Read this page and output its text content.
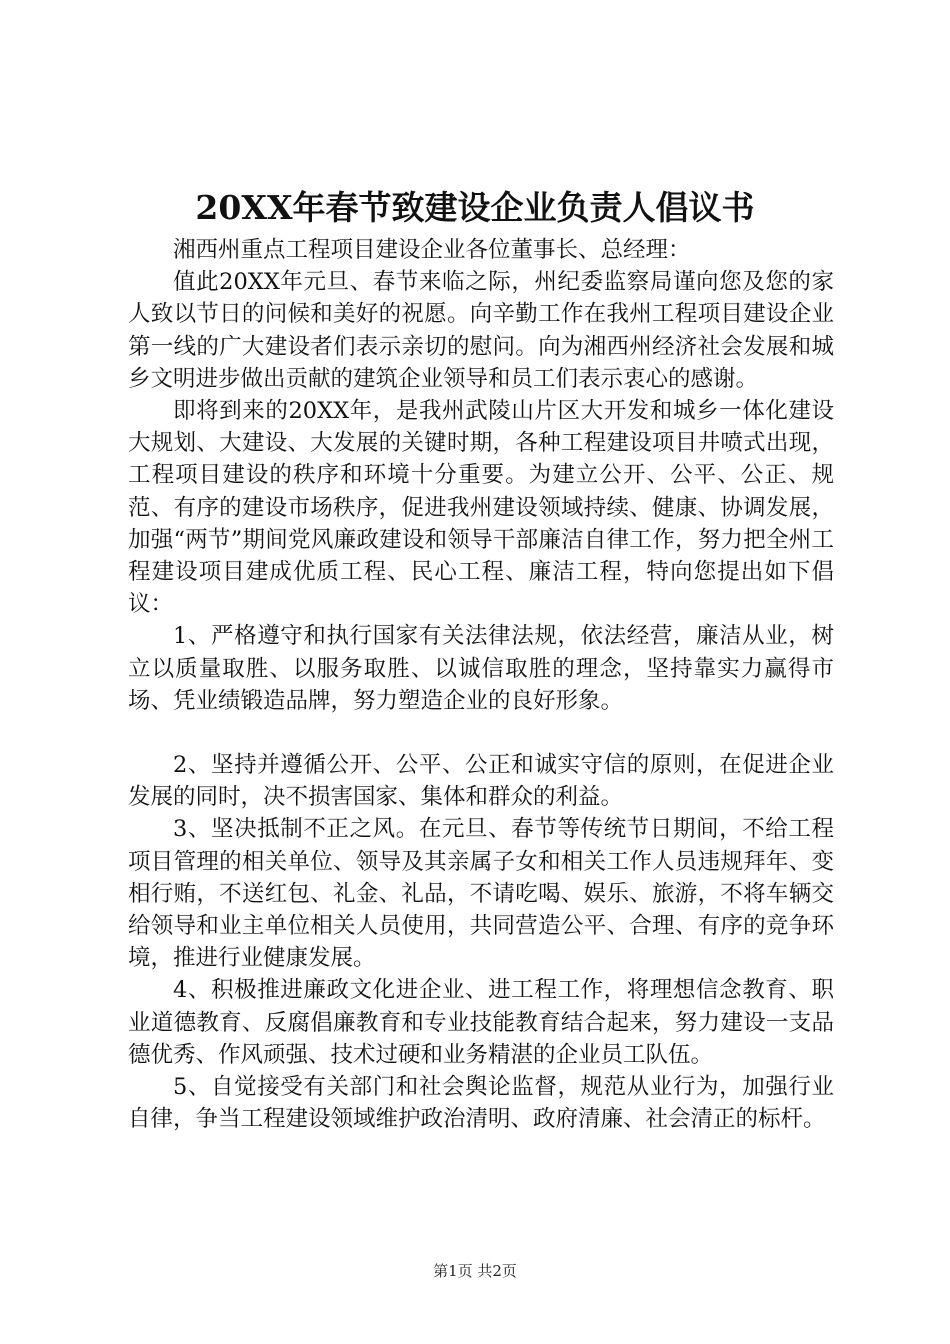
20XX年春节致建设企业负责人倡议书

湘西州重点工程项目建设企业各位董事长、总经理：

值此20XX年元旦、春节来临之际，州纪委监察局谨向您及您的家人致以节日的问候和美好的祝愿。向辛勤工作在我州工程项目建设企业第一线的广大建设者们表示亲切的慰问。向为湘西州经济社会发展和城乡文明进步做出贡献的建筑企业领导和员工们表示衷心的感谢。

即将到来的20XX年，是我州武陵山片区大开发和城乡一体化建设大规划、大建设、大发展的关键时期，各种工程建设项目井喷式出现，工程项目建设的秩序和环境十分重要。为建立公开、公平、公正、规范、有序的建设市场秩序，促进我州建设领域持续、健康、协调发展，加强“两节”期间党风廉政建设和领导干部廉洁自律工作，努力把全州工程建设项目建成优质工程、民心工程、廉洁工程，特向您提出如下倡议：

1、严格遵守和执行国家有关法律法规，依法经营，廉洁从业，树立以质量取胜、以服务取胜、以诚信取胜的理念，坚持靠实力赢得市场、凭业绩锻造品牌，努力塑造企业的良好形象。

2、坚持并遵循公开、公平、公正和诚实守信的原则，在促进企业发展的同时，决不损害国家、集体和群众的利益。

3、坚决抵制不正之风。在元旦、春节等传统节日期间，不给工程项目管理的相关单位、领导及其亲属子女和相关工作人员违规拜年、变相行贿，不送红包、礼金、礼品，不请吃喝、娱乐、旅游，不将车辆交给领导和业主单位相关人员使用，共同营造公平、合理、有序的竞争环境，推进行业健康发展。

4、积极推进廉政文化进企业、进工程工作，将理想信念教育、职业道德教育、反腐倡廉教育和专业技能教育结合起来，努力建设一支品德优秀、作风顽强、技术过硬和业务精湛的企业员工队伍。

5、自觉接受有关部门和社会舆论监督，规范从业行为，加强行业自律，争当工程建设领域维护政治清明、政府清廉、社会清正的标杆。

第1页 共2页
